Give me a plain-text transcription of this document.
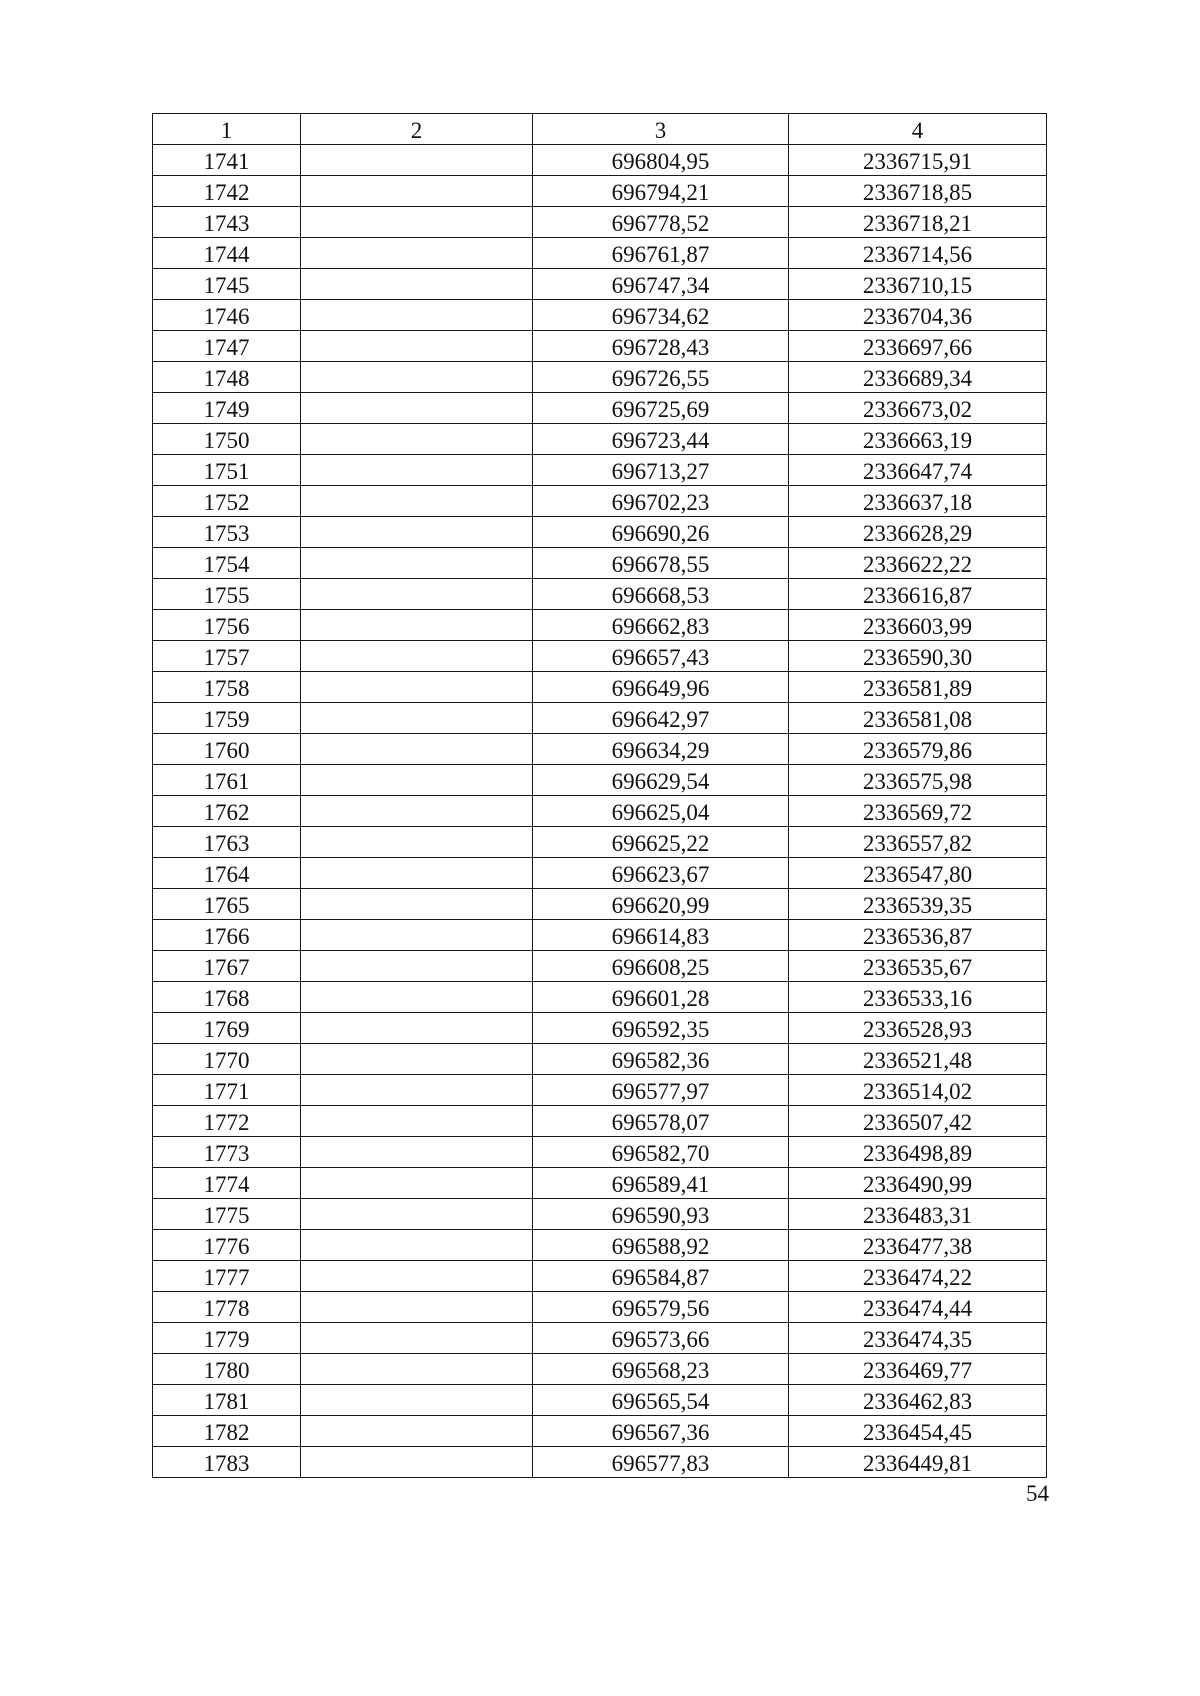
1	2	3	4
1741		696804,95	2336715,91
1742		696794,21	2336718,85
1743		696778,52	2336718,21
1744		696761,87	2336714,56
1745		696747,34	2336710,15
1746		696734,62	2336704,36
1747		696728,43	2336697,66
1748		696726,55	2336689,34
1749		696725,69	2336673,02
1750		696723,44	2336663,19
1751		696713,27	2336647,74
1752		696702,23	2336637,18
1753		696690,26	2336628,29
1754		696678,55	2336622,22
1755		696668,53	2336616,87
1756		696662,83	2336603,99
1757		696657,43	2336590,30
1758		696649,96	2336581,89
1759		696642,97	2336581,08
1760		696634,29	2336579,86
1761		696629,54	2336575,98
1762		696625,04	2336569,72
1763		696625,22	2336557,82
1764		696623,67	2336547,80
1765		696620,99	2336539,35
1766		696614,83	2336536,87
1767		696608,25	2336535,67
1768		696601,28	2336533,16
1769		696592,35	2336528,93
1770		696582,36	2336521,48
1771		696577,97	2336514,02
1772		696578,07	2336507,42
1773		696582,70	2336498,89
1774		696589,41	2336490,99
1775		696590,93	2336483,31
1776		696588,92	2336477,38
1777		696584,87	2336474,22
1778		696579,56	2336474,44
1779		696573,66	2336474,35
1780		696568,23	2336469,77
1781		696565,54	2336462,83
1782		696567,36	2336454,45
1783		696577,83	2336449,81
54
